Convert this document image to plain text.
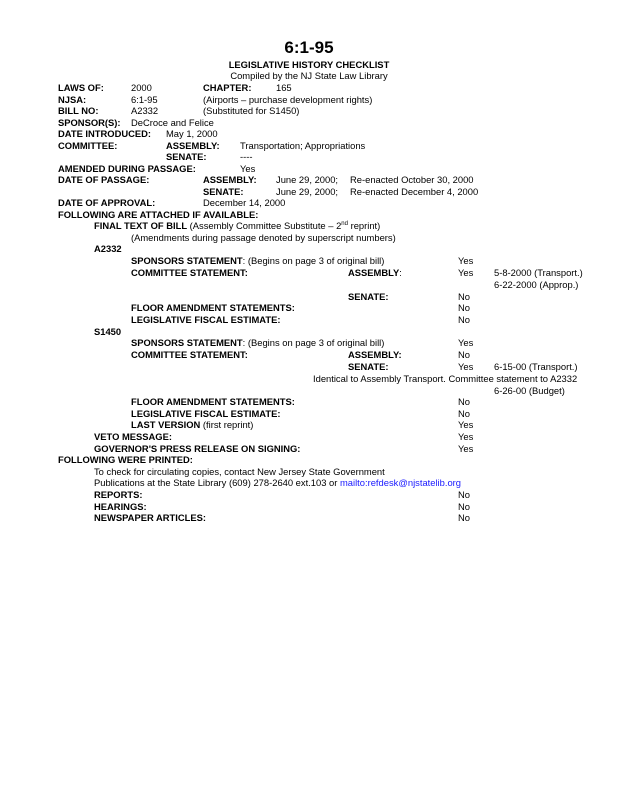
6:1-95
LEGISLATIVE HISTORY CHECKLIST
Compiled by the NJ State Law Library
LAWS OF:	2000	CHAPTER:	165
NJSA:	6:1-95	(Airports – purchase development rights)
BILL NO:	A2332	(Substituted for S1450)
SPONSOR(S): DeCroce and Felice
DATE INTRODUCED: May 1, 2000
COMMITTEE:	ASSEMBLY: Transportation; Appropriations
SENATE:	----
AMENDED DURING PASSAGE:	Yes
DATE OF PASSAGE:	ASSEMBLY: June 29, 2000; Re-enacted October 30, 2000
SENATE:	June 29, 2000; Re-enacted December 4, 2000
DATE OF APPROVAL:	December 14, 2000
FOLLOWING ARE ATTACHED IF AVAILABLE:
FINAL TEXT OF BILL (Assembly Committee Substitute – 2nd reprint)
(Amendments during passage denoted by superscript numbers)
A2332
SPONSORS STATEMENT: (Begins on page 3 of original bill)	Yes
COMMITTEE STATEMENT:	ASSEMBLY:	Yes 5-8-2000 (Transport.)
6-22-2000 (Approp.)
SENATE:	No
FLOOR AMENDMENT STATEMENTS:	No
LEGISLATIVE FISCAL ESTIMATE:	No
S1450
SPONSORS STATEMENT: (Begins on page 3 of original bill)	Yes
COMMITTEE STATEMENT:	ASSEMBLY:	No
SENATE:	Yes 6-15-00 (Transport.)
Identical to Assembly Transport. Committee statement to A2332
6-26-00 (Budget)
FLOOR AMENDMENT STATEMENTS:	No
LEGISLATIVE FISCAL ESTIMATE:	No
LAST VERSION (first reprint)	Yes
VETO MESSAGE:	Yes
GOVERNOR'S PRESS RELEASE ON SIGNING:	Yes
FOLLOWING WERE PRINTED:
To check for circulating copies, contact New Jersey State Government
Publications at the State Library (609) 278-2640 ext.103 or mailto:refdesk@njstatelib.org
REPORTS:	No
HEARINGS:	No
NEWSPAPER ARTICLES:	No
